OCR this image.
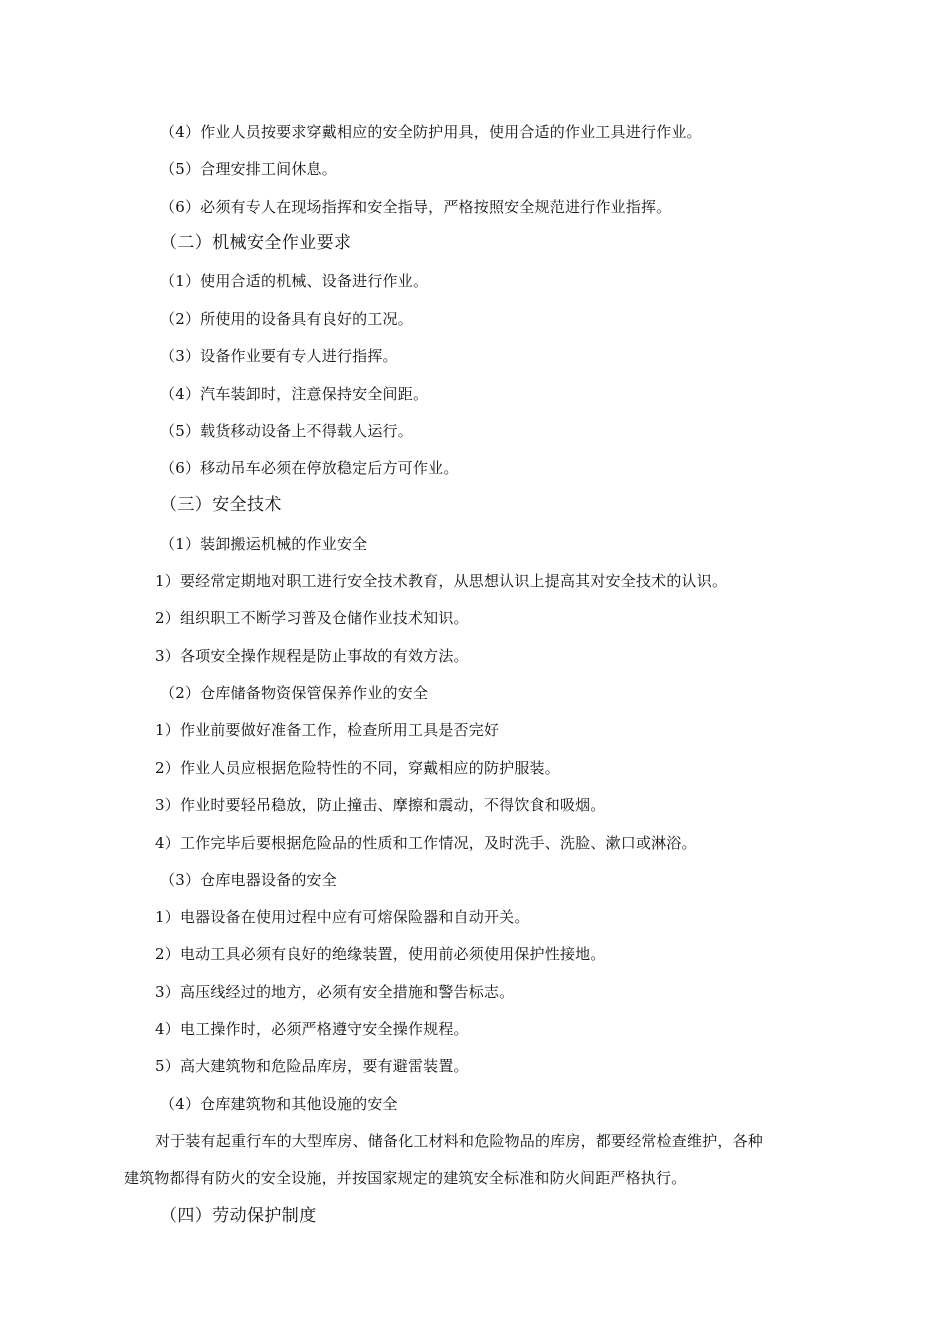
（4）作业人员按要求穿戴相应的安全防护用具，使用合适的作业工具进行作业。
（5）合理安排工间休息。
（6）必须有专人在现场指挥和安全指导，严格按照安全规范进行作业指挥。
（二）机械安全作业要求
（1）使用合适的机械、设备进行作业。
（2）所使用的设备具有良好的工况。
（3）设备作业要有专人进行指挥。
（4）汽车装卸时，注意保持安全间距。
（5）载货移动设备上不得载人运行。
（6）移动吊车必须在停放稳定后方可作业。
（三）安全技术
（1）装卸搬运机械的作业安全
1）要经常定期地对职工进行安全技术教育，从思想认识上提高其对安全技术的认识。
2）组织职工不断学习普及仓储作业技术知识。
3）各项安全操作规程是防止事故的有效方法。
（2）仓库储备物资保管保养作业的安全
1）作业前要做好准备工作，检查所用工具是否完好
2）作业人员应根据危险特性的不同，穿戴相应的防护服装。
3）作业时要轻吊稳放，防止撞击、摩擦和震动，不得饮食和吸烟。
4）工作完毕后要根据危险品的性质和工作情况，及时洗手、洗脸、漱口或淋浴。
（3）仓库电器设备的安全
1）电器设备在使用过程中应有可熔保险器和自动开关。
2）电动工具必须有良好的绝缘装置，使用前必须使用保护性接地。
3）高压线经过的地方，必须有安全措施和警告标志。
4）电工操作时，必须严格遵守安全操作规程。
5）高大建筑物和危险品库房，要有避雷装置。
（4）仓库建筑物和其他设施的安全
对于装有起重行车的大型库房、储备化工材料和危险物品的库房，都要经常检查维护，各种
建筑物都得有防火的安全设施，并按国家规定的建筑安全标准和防火间距严格执行。
（四）劳动保护制度
